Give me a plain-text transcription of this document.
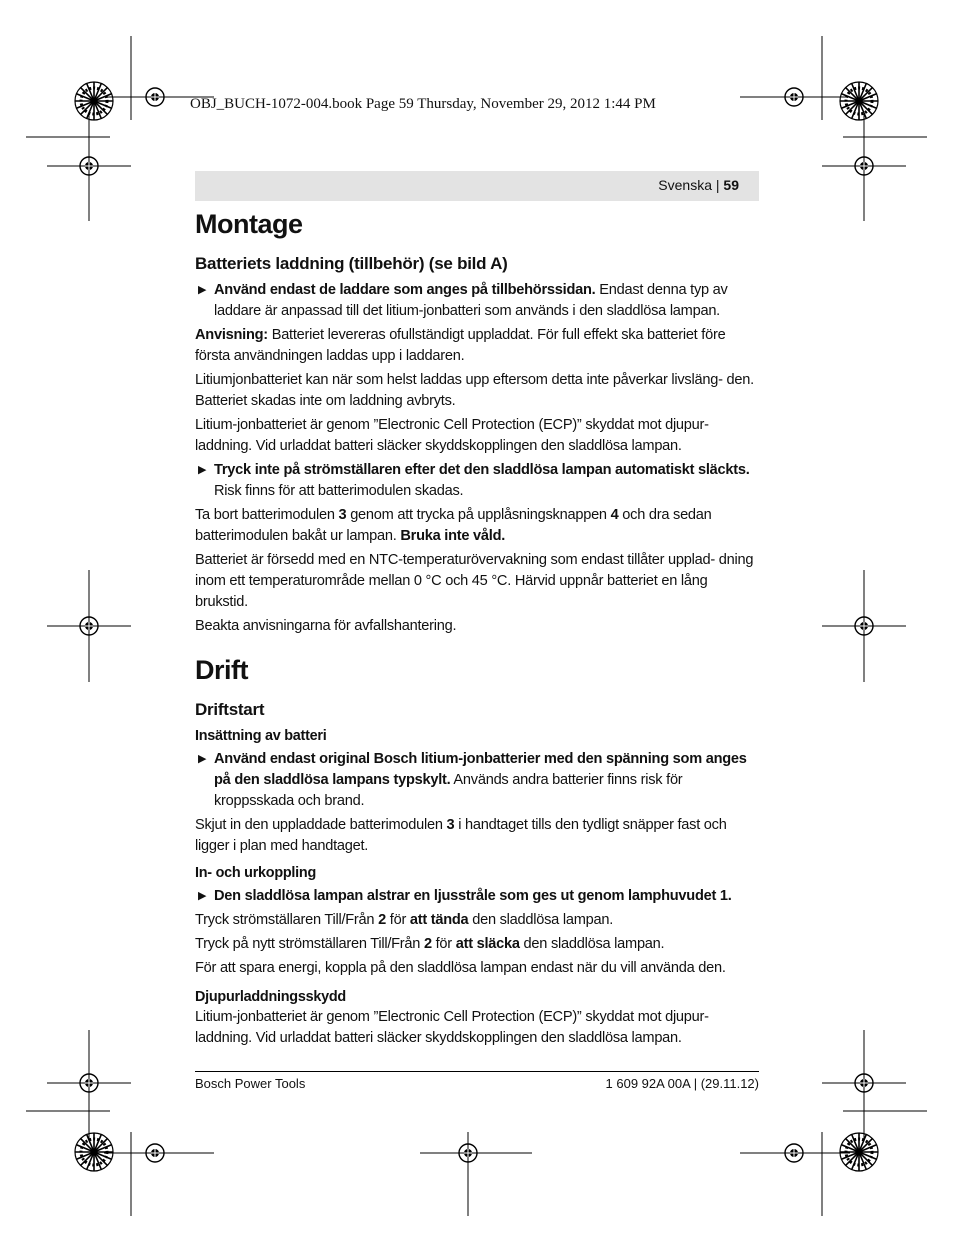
OBJ_BUCH-1072-004.book Page 59 Thursday, November 29, 2012 1:44 PM
Svenska | 59
Montage
Batteriets laddning (tillbehör) (se bild A)
▶ Använd endast de laddare som anges på tillbehörssidan. Endast denna typ av laddare är anpassad till det litium-jonbatteri som används i den sladdlösa lampan.

Anvisning: Batteriet levereras ofullständigt uppladdat. För full effekt ska batteriet före första användningen laddas upp i laddaren.

Litiumjonbatteriet kan när som helst laddas upp eftersom detta inte påverkar livsläng- den. Batteriet skadas inte om laddning avbryts.

Litium-jonbatteriet är genom ”Electronic Cell Protection (ECP)” skyddat mot djupur- laddning. Vid urladdat batteri släcker skyddskopplingen den sladdlösa lampan.

▶ Tryck inte på strömställaren efter det den sladdlösa lampan automatiskt släckts. Risk finns för att batterimodulen skadas.

Ta bort batterimodulen 3 genom att trycka på upplåsningsknappen 4 och dra sedan batterimodulen bakåt ur lampan. Bruka inte våld.

Batteriet är försedd med en NTC-temperaturövervakning som endast tillåter upplad- dning inom ett temperaturområde mellan 0 °C och 45 °C. Härvid uppnår batteriet en lång brukstid.

Beakta anvisningarna för avfallshantering.

Drift
Driftstart
Insättning av batteri
▶ Använd endast original Bosch litium-jonbatterier med den spänning som anges på den sladdlösa lampans typskylt. Används andra batterier finns risk för kroppsskada och brand.

Skjut in den uppladdade batterimodulen 3 i handtaget tills den tydligt snäpper fast och ligger i plan med handtaget.

In- och urkoppling
▶ Den sladdlösa lampan alstrar en ljusstråle som ges ut genom lamphuvudet 1.

Tryck strömställaren Till/Från 2 för att tända den sladdlösa lampan.

Tryck på nytt strömställaren Till/Från 2 för att släcka den sladdlösa lampan.

För att spara energi, koppla på den sladdlösa lampan endast när du vill använda den.

Djupurladdningsskydd

Litium-jonbatteriet är genom ”Electronic Cell Protection (ECP)” skyddat mot djupur- laddning. Vid urladdat batteri släcker skyddskopplingen den sladdlösa lampan.

Bosch Power Tools	1 609 92A 00A | (29.11.12)
